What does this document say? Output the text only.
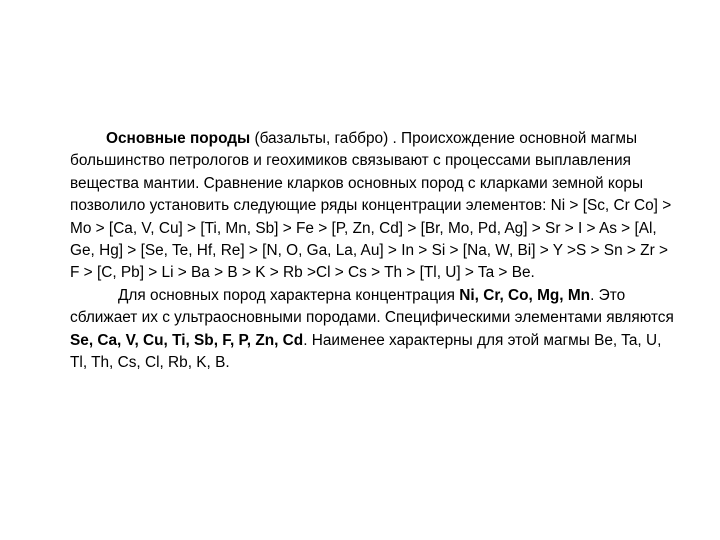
Основные породы (базальты, габбро) . Происхождение основной магмы большинство петрологов и геохимиков связывают с процессами выплавления вещества мантии. Сравнение кларков основных пород с кларками земной коры позволило установить следующие ряды концентрации элементов: Ni > [Sc, Cr Co] > Mo > [Ca, V, Cu] > [Ti, Mn, Sb] > Fe > [P, Zn, Cd] > [Br, Mo, Pd, Ag] > Sr > I > As > [Al, Ge, Hg] > [Se, Te, Hf, Re] > [N, O, Ga, La, Au] > In > Si > [Na, W, Bi] > Y >S > Sn > Zr > F > [C, Pb] > Li > Ba > B > K > Rb >Cl > Cs > Th > [Tl, U] > Ta > Be.

Для основных пород характерна концентрация Ni, Cr, Co, Mg, Mn. Это сближает их с ультраосновными породами. Специфическими элементами являются Se, Ca, V, Cu, Ti, Sb, F, P, Zn, Cd. Наименее характерны для этой магмы Be, Ta, U, Tl, Th, Cs, Cl, Rb, K, B.
